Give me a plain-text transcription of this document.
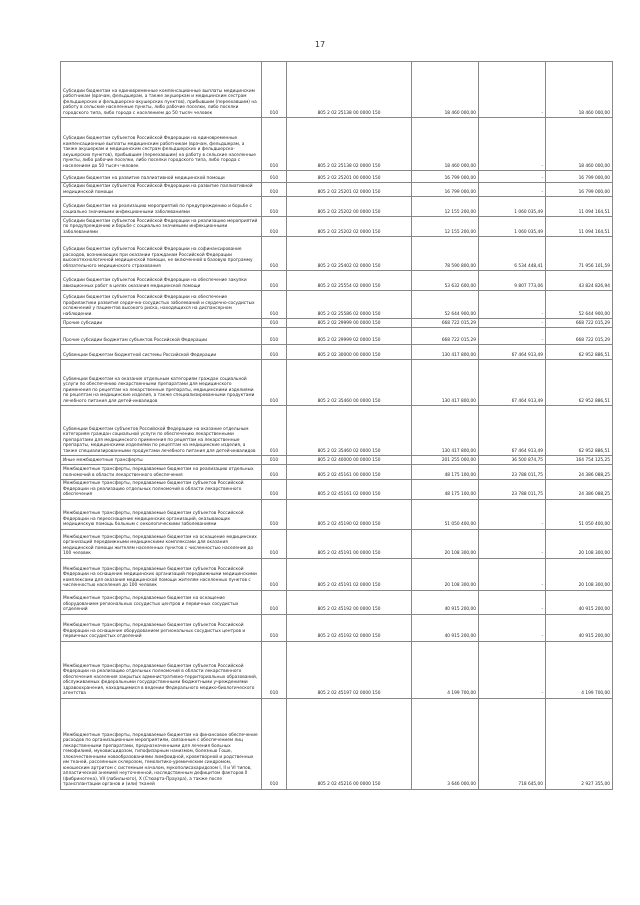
17
Субсидии бюджетам на единовременные компенсационные выплаты медицинским работникам (врачам, фельдшерам, а также акушеркам и медицинским сестрам фельдшерских и фельдшерско-акушерских пунктов), прибывшим (переехавшим) на работу в сельские населенные пункты, либо рабочие поселки, либо поселки городского типа, либо города с населением до 50 тысяч человек	010	805 2 02 25138 00 0000 150	18 460 000,00	-	18 460 000,00
Субсидии бюджетам субъектов Российской Федерации на единовременные компенсационные выплаты медицинским работникам (врачам, фельдшерам, а также акушеркам и медицинским сестрам фельдшерских и фельдшерско-акушерских пунктов), прибывшим (переехавшим) на работу в сельские населенные пункты, либо рабочие поселки, либо поселки городского типа, либо города с населением до 50 тысяч человек	010	805 2 02 25138 02 0000 150	18 460 000,00	-	18 460 000,00
Субсидии бюджетам на развитие паллиативной медицинской помощи	010	805 2 02 25201 00 0000 150	16 799 000,00	-	16 799 000,00
Субсидии бюджетам субъектов Российской Федерации на развитие паллиативной медицинской помощи	010	805 2 02 25201 02 0000 150	16 799 000,00	-	16 799 000,00
Субсидии бюджетам на реализацию мероприятий по предупреждению и борьбе с социально значимыми инфекционными заболеваниями	010	805 2 02 25202 00 0000 150	12 155 200,00	1 060 035,49	11 094 164,51
Субсидии бюджетам субъектов Российской Федерации на реализацию мероприятий по предупреждению и борьбе с социально значимыми инфекционными заболеваниями	010	805 2 02 25202 02 0000 150	12 155 200,00	1 060 035,49	11 094 164,51
Субсидии бюджетам субъектов Российской Федерации на софинансирование расходов, возникающих при оказании гражданам Российской Федерации высокотехнологичной медицинской помощи, не включенной в базовую программу обязательного медицинского страхования	010	805 2 02 25402 02 0000 150	78 590 800,00	6 534 448,41	71 956 101,59
Субсидии бюджетам субъектов Российской Федерации на обеспечение закупки авиационных работ в целях оказания медицинской помощи	010	805 2 02 25554 02 0000 150	53 632 600,00	9 807 773,06	43 824 826,94
Субсидии бюджетам субъектов Российской Федерации на обеспечение профилактики развития сердечно-сосудистых заболеваний и сердечно-сосудистых осложнений у пациентов высокого риска, находящихся на диспансерном наблюдении	010	805 2 02 25586 02 0000 150	52 644 900,00	-	52 644 900,00
Прочие субсидии	010	805 2 02 29999 00 0000 150	668 722 015,29	-	668 722 015,29
Прочие субсидии бюджетам субъектов Российской Федерации	010	805 2 02 29999 02 0000 150	668 722 015,29	-	668 722 015,29
Субвенции бюджетам бюджетной системы Российской Федерации	010	805 2 02 30000 00 0000 150	130 417 800,00	67 464 913,49	62 952 886,51
Субвенции бюджетам на оказание отдельным категориям граждан социальной услуги по обеспечению лекарственными препаратами для медицинского применения по рецептам на лекарственные препараты, медицинскими изделиями по рецептам на медицинские изделия, а также специализированными продуктами лечебного питания для детей-инвалидов	010	805 2 02 35460 00 0000 150	130 417 800,00	67 464 913,49	62 952 886,51
Субвенции бюджетам субъектов Российской Федерации на оказание отдельным категориям граждан социальной услуги по обеспечению лекарственными препаратами для медицинского применения по рецептам на лекарственные препараты, медицинскими изделиями по рецептам на медицинские изделия, а также специализированными продуктами лечебного питания для детей-инвалидов	010	805 2 02 35460 02 0000 150	130 417 800,00	67 464 913,49	62 952 886,51
Иные межбюджетные трансферты	010	805 2 02 40000 00 0000 150	201 255 000,00	36 500 874,75	164 754 125,25
Межбюджетные трансферты, передаваемые бюджетам на реализацию отдельных полномочий в области лекарственного обеспечения	010	805 2 02 45161 00 0000 150	48 175 100,00	23 788 011,75	24 386 088,25
Межбюджетные трансферты, передаваемые бюджетам субъектов Российской Федерации на реализацию отдельных полномочий в области лекарственного обеспечения	010	805 2 02 45161 02 0000 150	48 175 100,00	23 788 011,75	24 386 088,25
Межбюджетные трансферты, передаваемые бюджетам субъектов Российской Федерации на переоснащение медицинских организаций, оказывающих медицинскую помощь больным с онкологическими заболеваниями	010	805 2 02 45190 02 0000 150	51 050 400,00	-	51 050 400,00
Межбюджетные трансферты, передаваемые бюджетам на оснащение медицинских организаций передвижными медицинскими комплексами для оказания медицинской помощи жителям населенных пунктов с численностью населения до 100 человек	010	805 2 02 45191 00 0000 150	20 108 300,00	-	20 108 300,00
Межбюджетные трансферты, передаваемые бюджетам субъектов Российской Федерации на оснащение медицинских организаций передвижными медицинскими комплексами для оказания медицинской помощи жителям населенных пунктов с численностью населения до 100 человек	010	805 2 02 45191 02 0000 150	20 108 300,00	-	20 108 300,00
Межбюджетные трансферты, передаваемые бюджетам на оснащение оборудованием региональных сосудистых центров и первичных сосудистых отделений	010	805 2 02 45192 00 0000 150	40 915 200,00	-	40 915 200,00
Межбюджетные трансферты, передаваемые бюджетам субъектов Российской Федерации на оснащение оборудованием региональных сосудистых центров и первичных сосудистых отделений	010	805 2 02 45192 02 0000 150	40 915 200,00	-	40 915 200,00
Межбюджетные трансферты, передаваемые бюджетам субъектов Российской Федерации на реализацию отдельных полномочий в области лекарственного обеспечения населения закрытых административно-территориальных образований, обслуживаемых федеральными государственными бюджетными учреждениями здравоохранения, находящимися в ведении Федерального медико-биологического агентства	010	805 2 02 45197 02 0000 150	4 199 700,00	-	4 199 700,00
Межбюджетные трансферты, передаваемые бюджетам на финансовое обеспечение расходов по организационным мероприятиям, связанным с обеспечением лиц лекарственными препаратами, предназначенными для лечения больных гемофилией, муковисцидозом, гипофизарным нанизмом, болезнью Гоше, злокачественными новообразованиями лимфоидной, кроветворной и родственных им тканей, рассеянным склерозом, гемолитико-уремическим синдромом, юношеским артритом с системным началом, мукополисахаридозом I, II и VI типов, апластической анемией неуточненной, наследственным дефицитом факторов II (фибриногена), VII (лабильного), X (Стюарта-Прауэра), а также после трансплантации органов и (или) тканей	010	805 2 02 45216 00 0000 150	3 646 000,00	718 645,00	2 927 355,00
